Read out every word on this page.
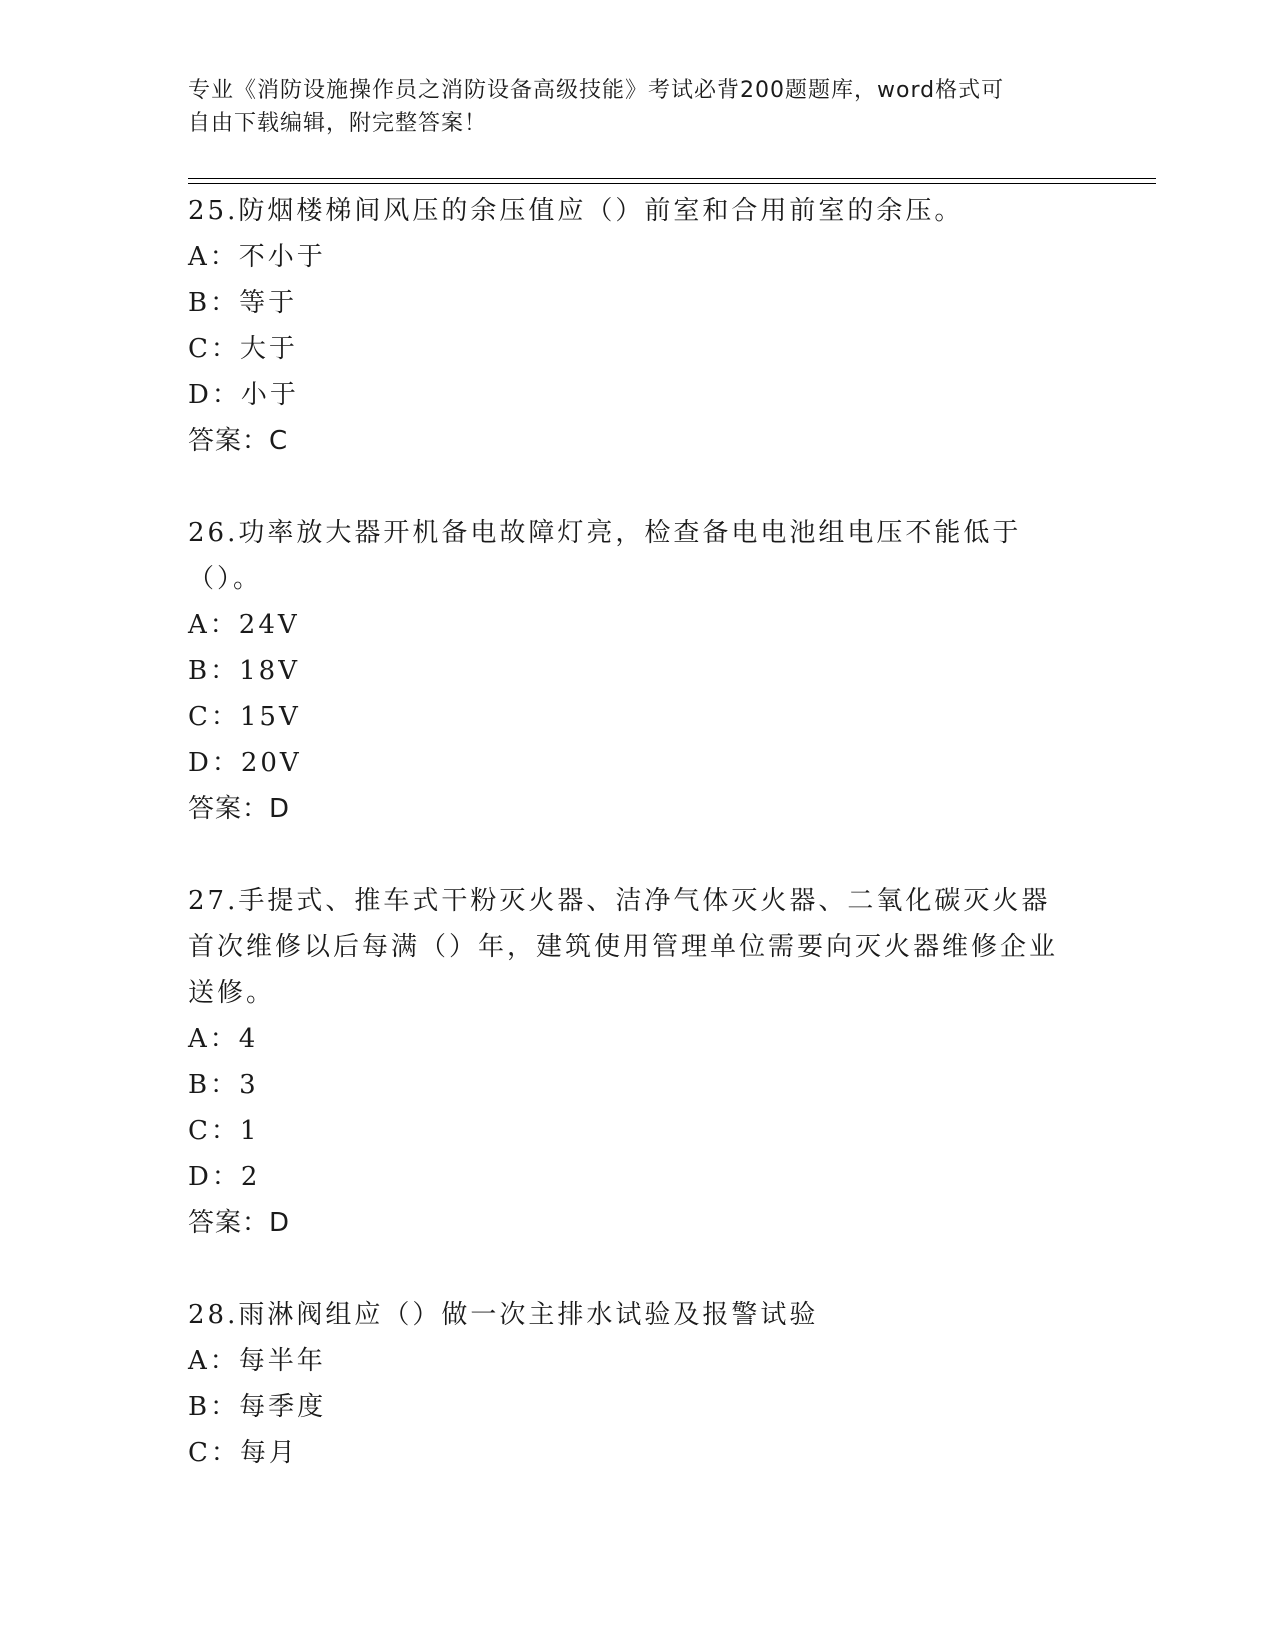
专业《消防设施操作员之消防设备高级技能》考试必背200题题库，word格式可
自由下载编辑，附完整答案！
25.防烟楼梯间风压的余压值应（）前室和合用前室的余压。
A：不小于
B：等于
C：大于
D：小于
答案：C
26.功率放大器开机备电故障灯亮，检查备电电池组电压不能低于（）。
A：24V
B：18V
C：15V
D：20V
答案：D
27.手提式、推车式干粉灭火器、洁净气体灭火器、二氧化碳灭火器首次维修以后每满（）年，建筑使用管理单位需要向灭火器维修企业送修。
A：4
B：3
C：1
D：2
答案：D
28.雨淋阀组应（）做一次主排水试验及报警试验
A：每半年
B：每季度
C：每月
